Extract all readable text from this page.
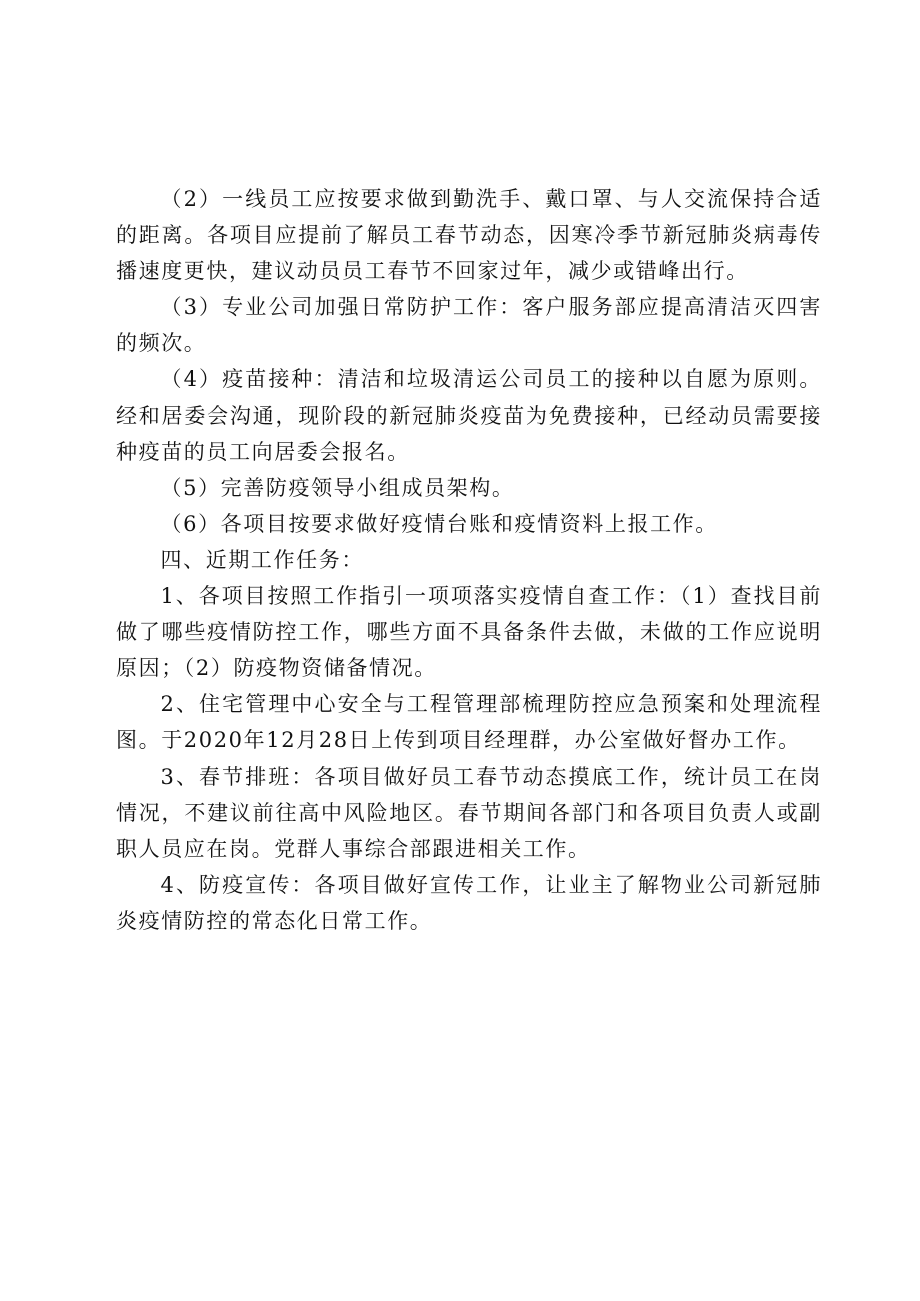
（2）一线员工应按要求做到勤洗手、戴口罩、与人交流保持合适的距离。各项目应提前了解员工春节动态，因寒冷季节新冠肺炎病毒传播速度更快，建议动员员工春节不回家过年，减少或错峰出行。

（3）专业公司加强日常防护工作：客户服务部应提高清洁灭四害的频次。

（4）疫苗接种：清洁和垃圾清运公司员工的接种以自愿为原则。经和居委会沟通，现阶段的新冠肺炎疫苗为免费接种，已经动员需要接种疫苗的员工向居委会报名。

（5）完善防疫领导小组成员架构。

（6）各项目按要求做好疫情台账和疫情资料上报工作。

四、近期工作任务：

1、各项目按照工作指引一项项落实疫情自查工作：（1）查找目前做了哪些疫情防控工作，哪些方面不具备条件去做，未做的工作应说明原因；（2）防疫物资储备情况。

2、住宅管理中心安全与工程管理部梳理防控应急预案和处理流程图。于2020年12月28日上传到项目经理群，办公室做好督办工作。

3、春节排班：各项目做好员工春节动态摸底工作，统计员工在岗情况，不建议前往高中风险地区。春节期间各部门和各项目负责人或副职人员应在岗。党群人事综合部跟进相关工作。

4、防疫宣传：各项目做好宣传工作，让业主了解物业公司新冠肺炎疫情防控的常态化日常工作。
